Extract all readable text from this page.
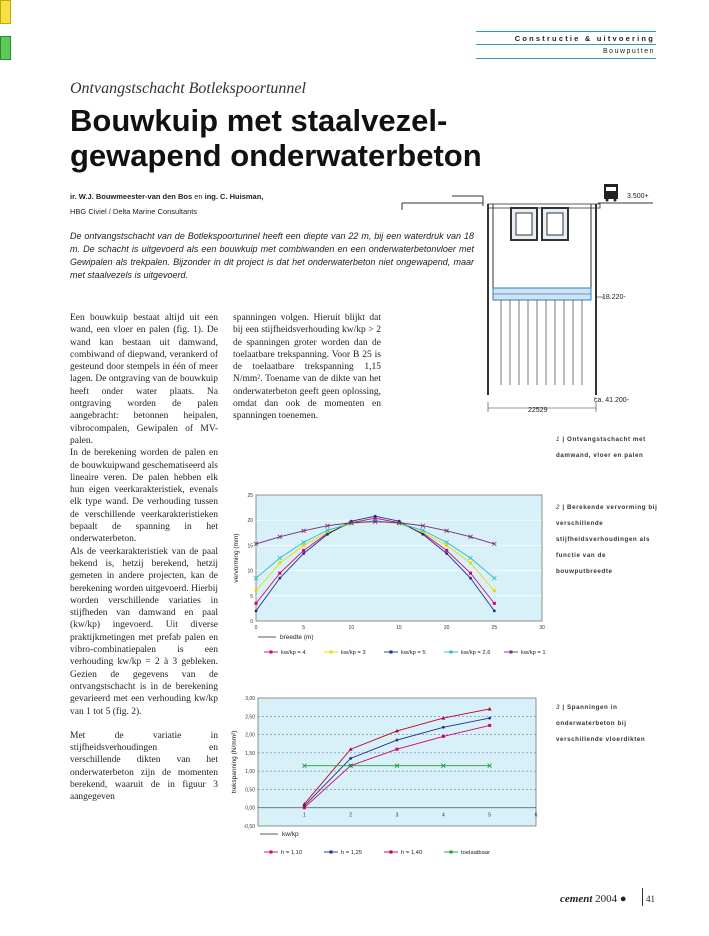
Constructie & uitvoering
Bouwputten
Ontvangstschacht Botlekspoortunnel
Bouwkuip met staalvezel-gewapend onderwaterbeton
ir. W.J. Bouwmeester-van den Bos en ing. C. Huisman,
HBG Civiel / Delta Marine Consultants
De ontvangstschacht van de Botlekspoortunnel heeft een diepte van 22 m, bij een waterdruk van 18 m. De schacht is uitgevoerd als een bouwkuip met combiwanden en een onderwaterbetonvloer met Gewipalen als trekpalen. Bijzonder in dit project is dat het onderwaterbeton niet ongewapend, maar met staalvezels is uitgevoerd.

Een bouwkuip bestaat altijd uit een wand, een vloer en palen (fig. 1). De wand kan bestaan uit damwand, combiwand of diepwand, verankerd of gesteund door stempels in één of meer lagen. De ontgraving van de bouwkuip heeft onder water plaats. Na ontgraving worden de palen aangebracht: betonnen heipalen, vibrocompalen, Gewipalen of MV-palen.

In de berekening worden de palen en de bouwkuipwand geschematiseerd als lineaire veren. De palen hebben elk hun eigen veerkarakteristiek, evenals elk type wand. De verhouding tussen de verschillende veerkarakteristieken bepaalt de spanning in het onderwaterbeton.

Als de veerkarakteristiek van de paal bekend is, hetzij berekend, hetzij gemeten in andere projecten, kan de berekening worden uitgevoerd. Hierbij worden verschillende variaties in stijfheden van damwand en paal (kw/kp) ingevoerd. Uit diverse praktijkmetingen met prefab palen en vibro-combinatiepalen is een verhouding kw/kp = 2 à 3 gebleken. Gezien de gegevens van de ontvangstschacht is in de berekening gevarieerd met een verhouding kw/kp van 1 tot 5 (fig. 2).

Met de variatie in stijfheidsverhoudingen en verschillende dikten van het onderwaterbeton zijn de momenten berekend, waaruit de in figuur 3 aangegeven

spanningen volgen. Hieruit blijkt dat bij een stijfheidsverhouding kw/kp > 2 de spanningen groter worden dan de toelaatbare trekspanning. Voor B 25 is de toelaatbare trekspanning 1,15 N/mm². Toename van de dikte van het onderwaterbeton geeft geen oplossing, omdat dan ook de momenten en spanningen toenemen.

3.500+
18.220-
ca. 41.200-
22529
1 | Ontvangstschacht met damwand, vloer en palen
2 | Berekende vervorming bij verschillende stijfheidsverhoudingen als functie van de bouwputbreedte
3 | Spanningen in onderwaterbeton bij verschillende vloerdikten
0
5
10
15
20
25
0	5	10	15	20	25	30
vervorming (mm)
breedte (m)
kw/kp = 4	kw/kp = 3	kw/kp = 5	kw/kp = 2,6	kw/kp = 1
-0,50
0,00
0,50
1,00
1,50
2,00
2,50
3,00
1	2	3	4	5	6
trekspanning (N/mm²)
kw/kp
h = 1,10	h = 1,25	h = 1,40	toelaatbaar
cement 2004 ● 41
